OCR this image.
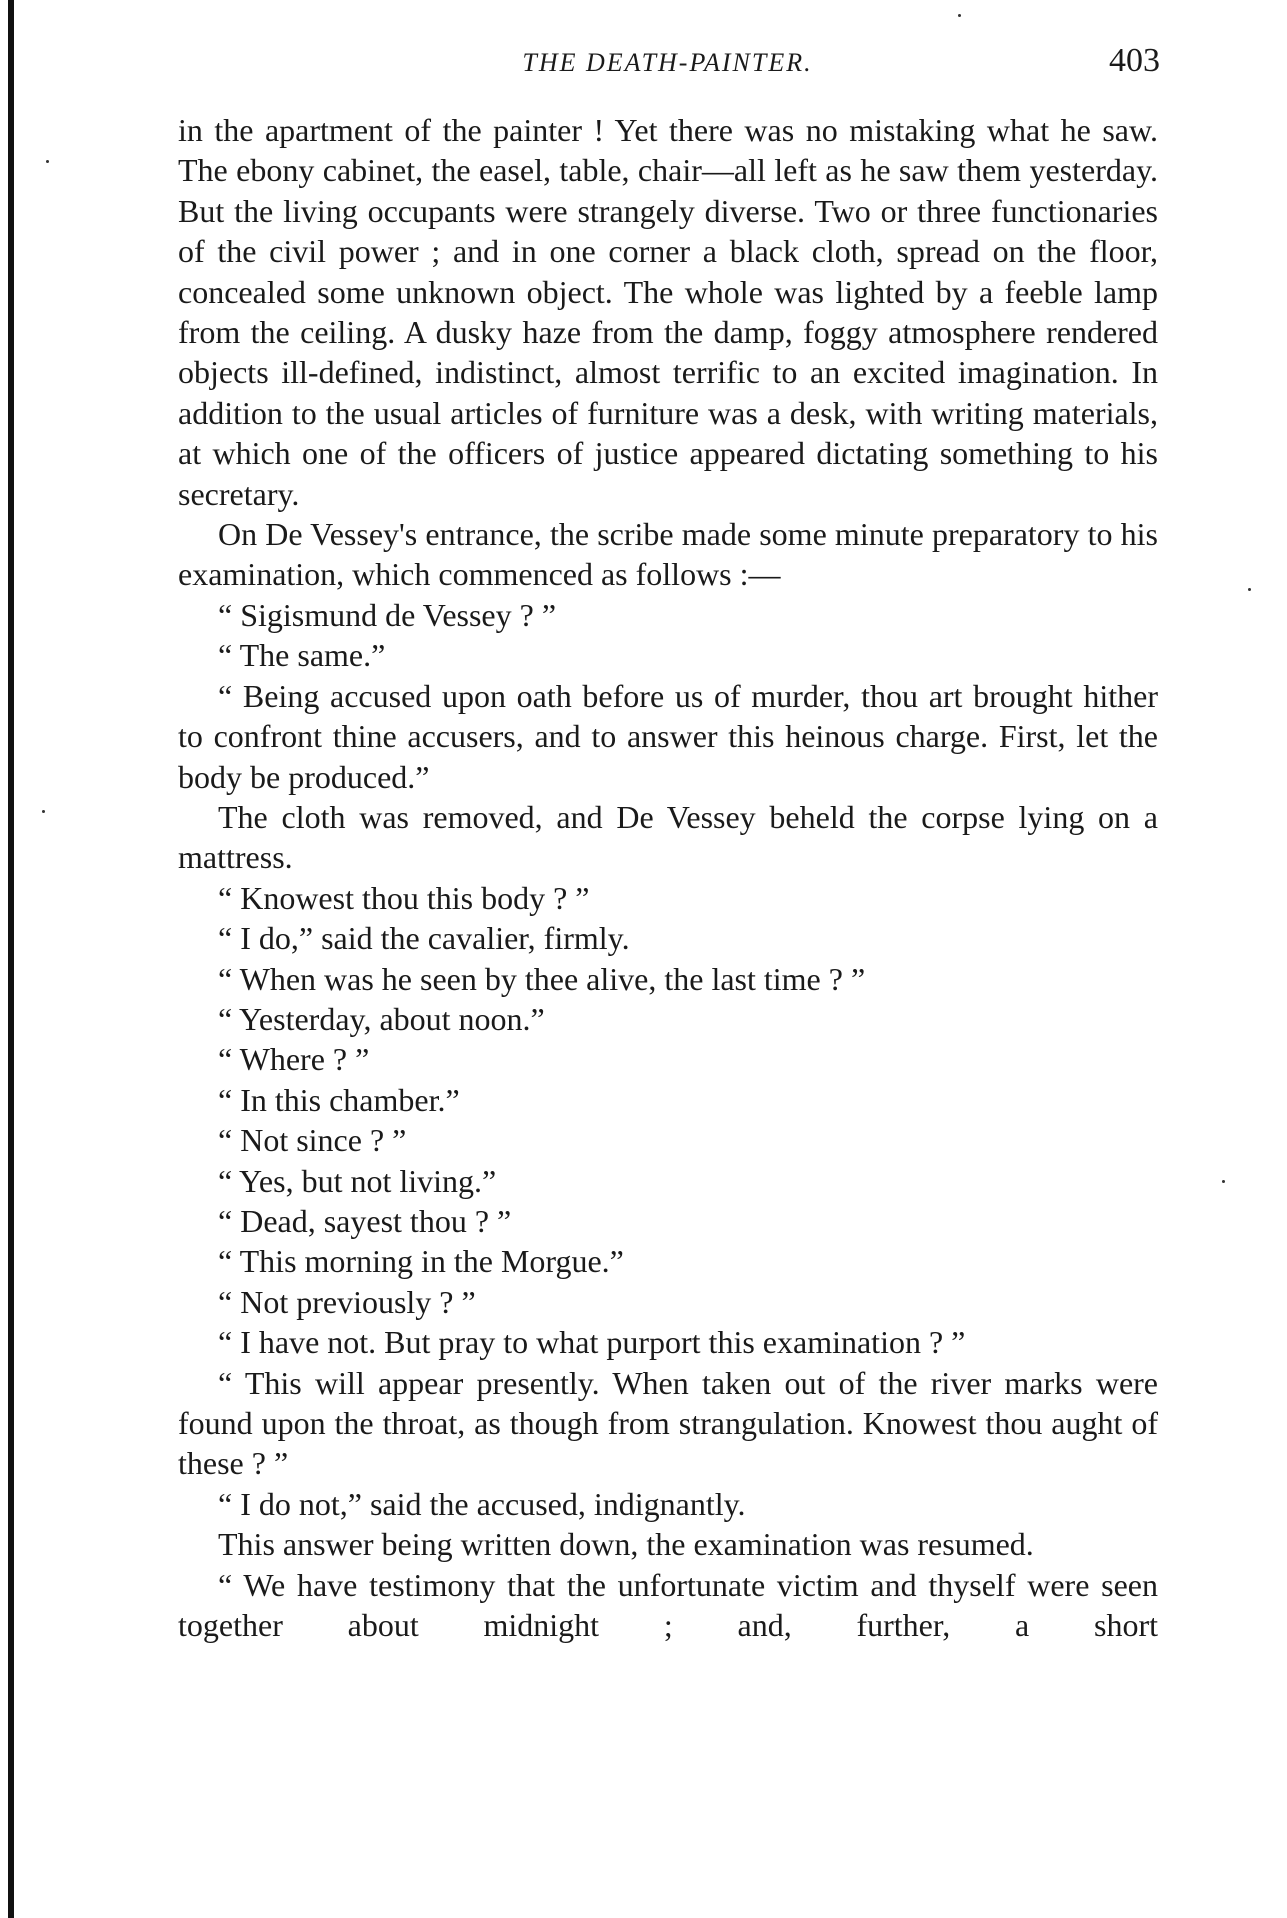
THE DEATH-PAINTER.	403

in the apartment of the painter ! Yet there was no mistaking what he saw. The ebony cabinet, the easel, table, chair—all left as he saw them yesterday. But the living occupants were strangely diverse. Two or three functionaries of the civil power ; and in one corner a black cloth, spread on the floor, concealed some unknown object. The whole was lighted by a feeble lamp from the ceiling. A dusky haze from the damp, foggy atmosphere rendered objects ill-defined, indistinct, almost terrific to an excited imagination. In addition to the usual articles of furniture was a desk, with writing materials, at which one of the officers of justice appeared dictating something to his secretary.

On De Vessey's entrance, the scribe made some minute preparatory to his examination, which commenced as follows :—

“ Sigismund de Vessey ? ”

“ The same.”

“ Being accused upon oath before us of murder, thou art brought hither to confront thine accusers, and to answer this heinous charge. First, let the body be produced.”

The cloth was removed, and De Vessey beheld the corpse lying on a mattress.

“ Knowest thou this body ? ”

“ I do,” said the cavalier, firmly.

“ When was he seen by thee alive, the last time ? ”

“ Yesterday, about noon.”

“ Where ? ”

“ In this chamber.”

“ Not since ? ”

“ Yes, but not living.”

“ Dead, sayest thou ? ”

“ This morning in the Morgue.”

“ Not previously ? ”

“ I have not. But pray to what purport this examination ? ”

“ This will appear presently. When taken out of the river marks were found upon the throat, as though from strangulation. Knowest thou aught of these ? ”

“ I do not,” said the accused, indignantly.

This answer being written down, the examination was resumed.

“ We have testimony that the unfortunate victim and thyself were seen together about midnight ; and, further, a short
